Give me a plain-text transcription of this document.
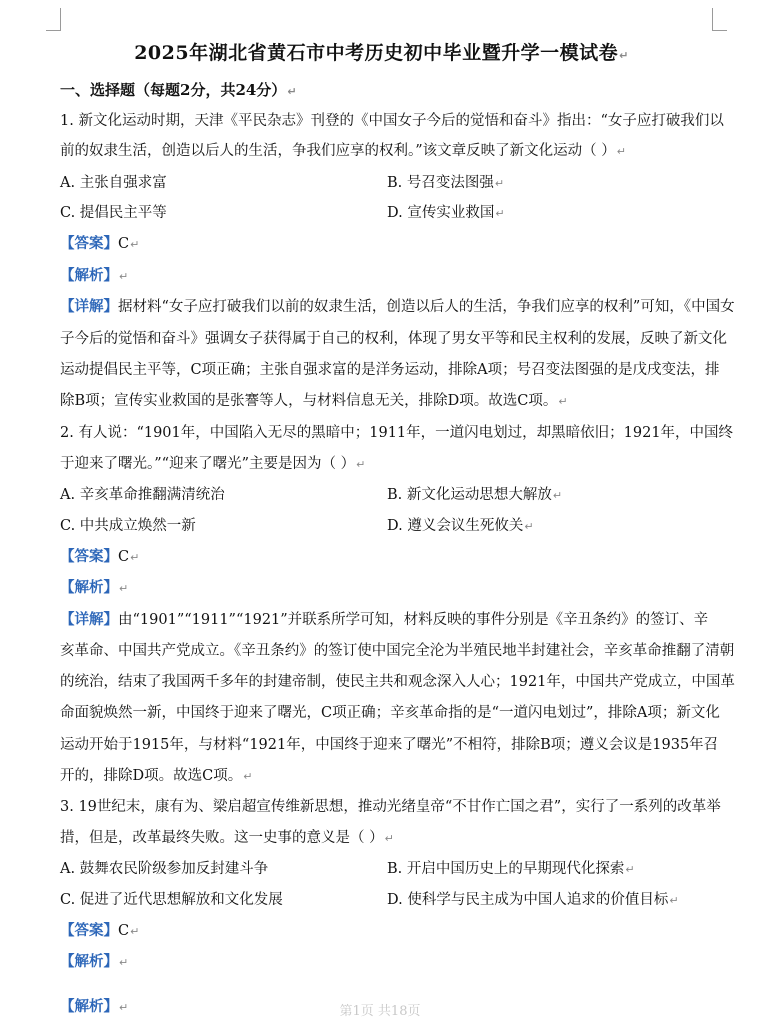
2025年湖北省黄石市中考历史初中毕业暨升学一模试卷↵
一、选择题（每题2分，共24分）↵
1. 新文化运动时期，天津《平民杂志》刊登的《中国女子今后的觉悟和奋斗》指出：“女子应打破我们以
前的奴隶生活，创造以后人的生活，争我们应享的权利。”该文章反映了新文化运动（ ）↵
A. 主张自强求富	B. 号召变法图强↵
C. 提倡民主平等	D. 宣传实业救国↵
【答案】C↵
【解析】↵
【详解】据材料“女子应打破我们以前的奴隶生活，创造以后人的生活，争我们应享的权利”可知，《中国女
子今后的觉悟和奋斗》强调女子获得属于自己的权利，体现了男女平等和民主权利的发展，反映了新文化
运动提倡民主平等，C项正确；主张自强求富的是洋务运动，排除A项；号召变法图强的是戊戌变法，排
除B项；宣传实业救国的是张謇等人，与材料信息无关，排除D项。故选C项。↵
2. 有人说：“1901年，中国陷入无尽的黑暗中；1911年，一道闪电划过，却黑暗依旧；1921年，中国终
于迎来了曙光。”“迎来了曙光”主要是因为（ ）↵
A. 辛亥革命推翻满清统治	B. 新文化运动思想大解放↵
C. 中共成立焕然一新	D. 遵义会议生死攸关↵
【答案】C↵
【解析】↵
【详解】由“1901”“1911”“1921”并联系所学可知，材料反映的事件分别是《辛丑条约》的签订、辛
亥革命、中国共产党成立。《辛丑条约》的签订使中国完全沦为半殖民地半封建社会，辛亥革命推翻了清朝
的统治，结束了我国两千多年的封建帝制，使民主共和观念深入人心；1921年，中国共产党成立，中国革
命面貌焕然一新，中国终于迎来了曙光，C项正确；辛亥革命指的是“一道闪电划过”，排除A项；新文化
运动开始于1915年，与材料“1921年，中国终于迎来了曙光”不相符，排除B项；遵义会议是1935年召
开的，排除D项。故选C项。↵
3. 19世纪末，康有为、梁启超宣传维新思想，推动光绪皇帝“不甘作亡国之君”，实行了一系列的改革举
措，但是，改革最终失败。这一史事的意义是（ ）↵
A. 鼓舞农民阶级参加反封建斗争	B. 开启中国历史上的早期现代化探索↵
C. 促进了近代思想解放和文化发展	D. 使科学与民主成为中国人追求的价值目标↵
【答案】C↵
【解析】↵
【解析】↵	第1页 共18页
